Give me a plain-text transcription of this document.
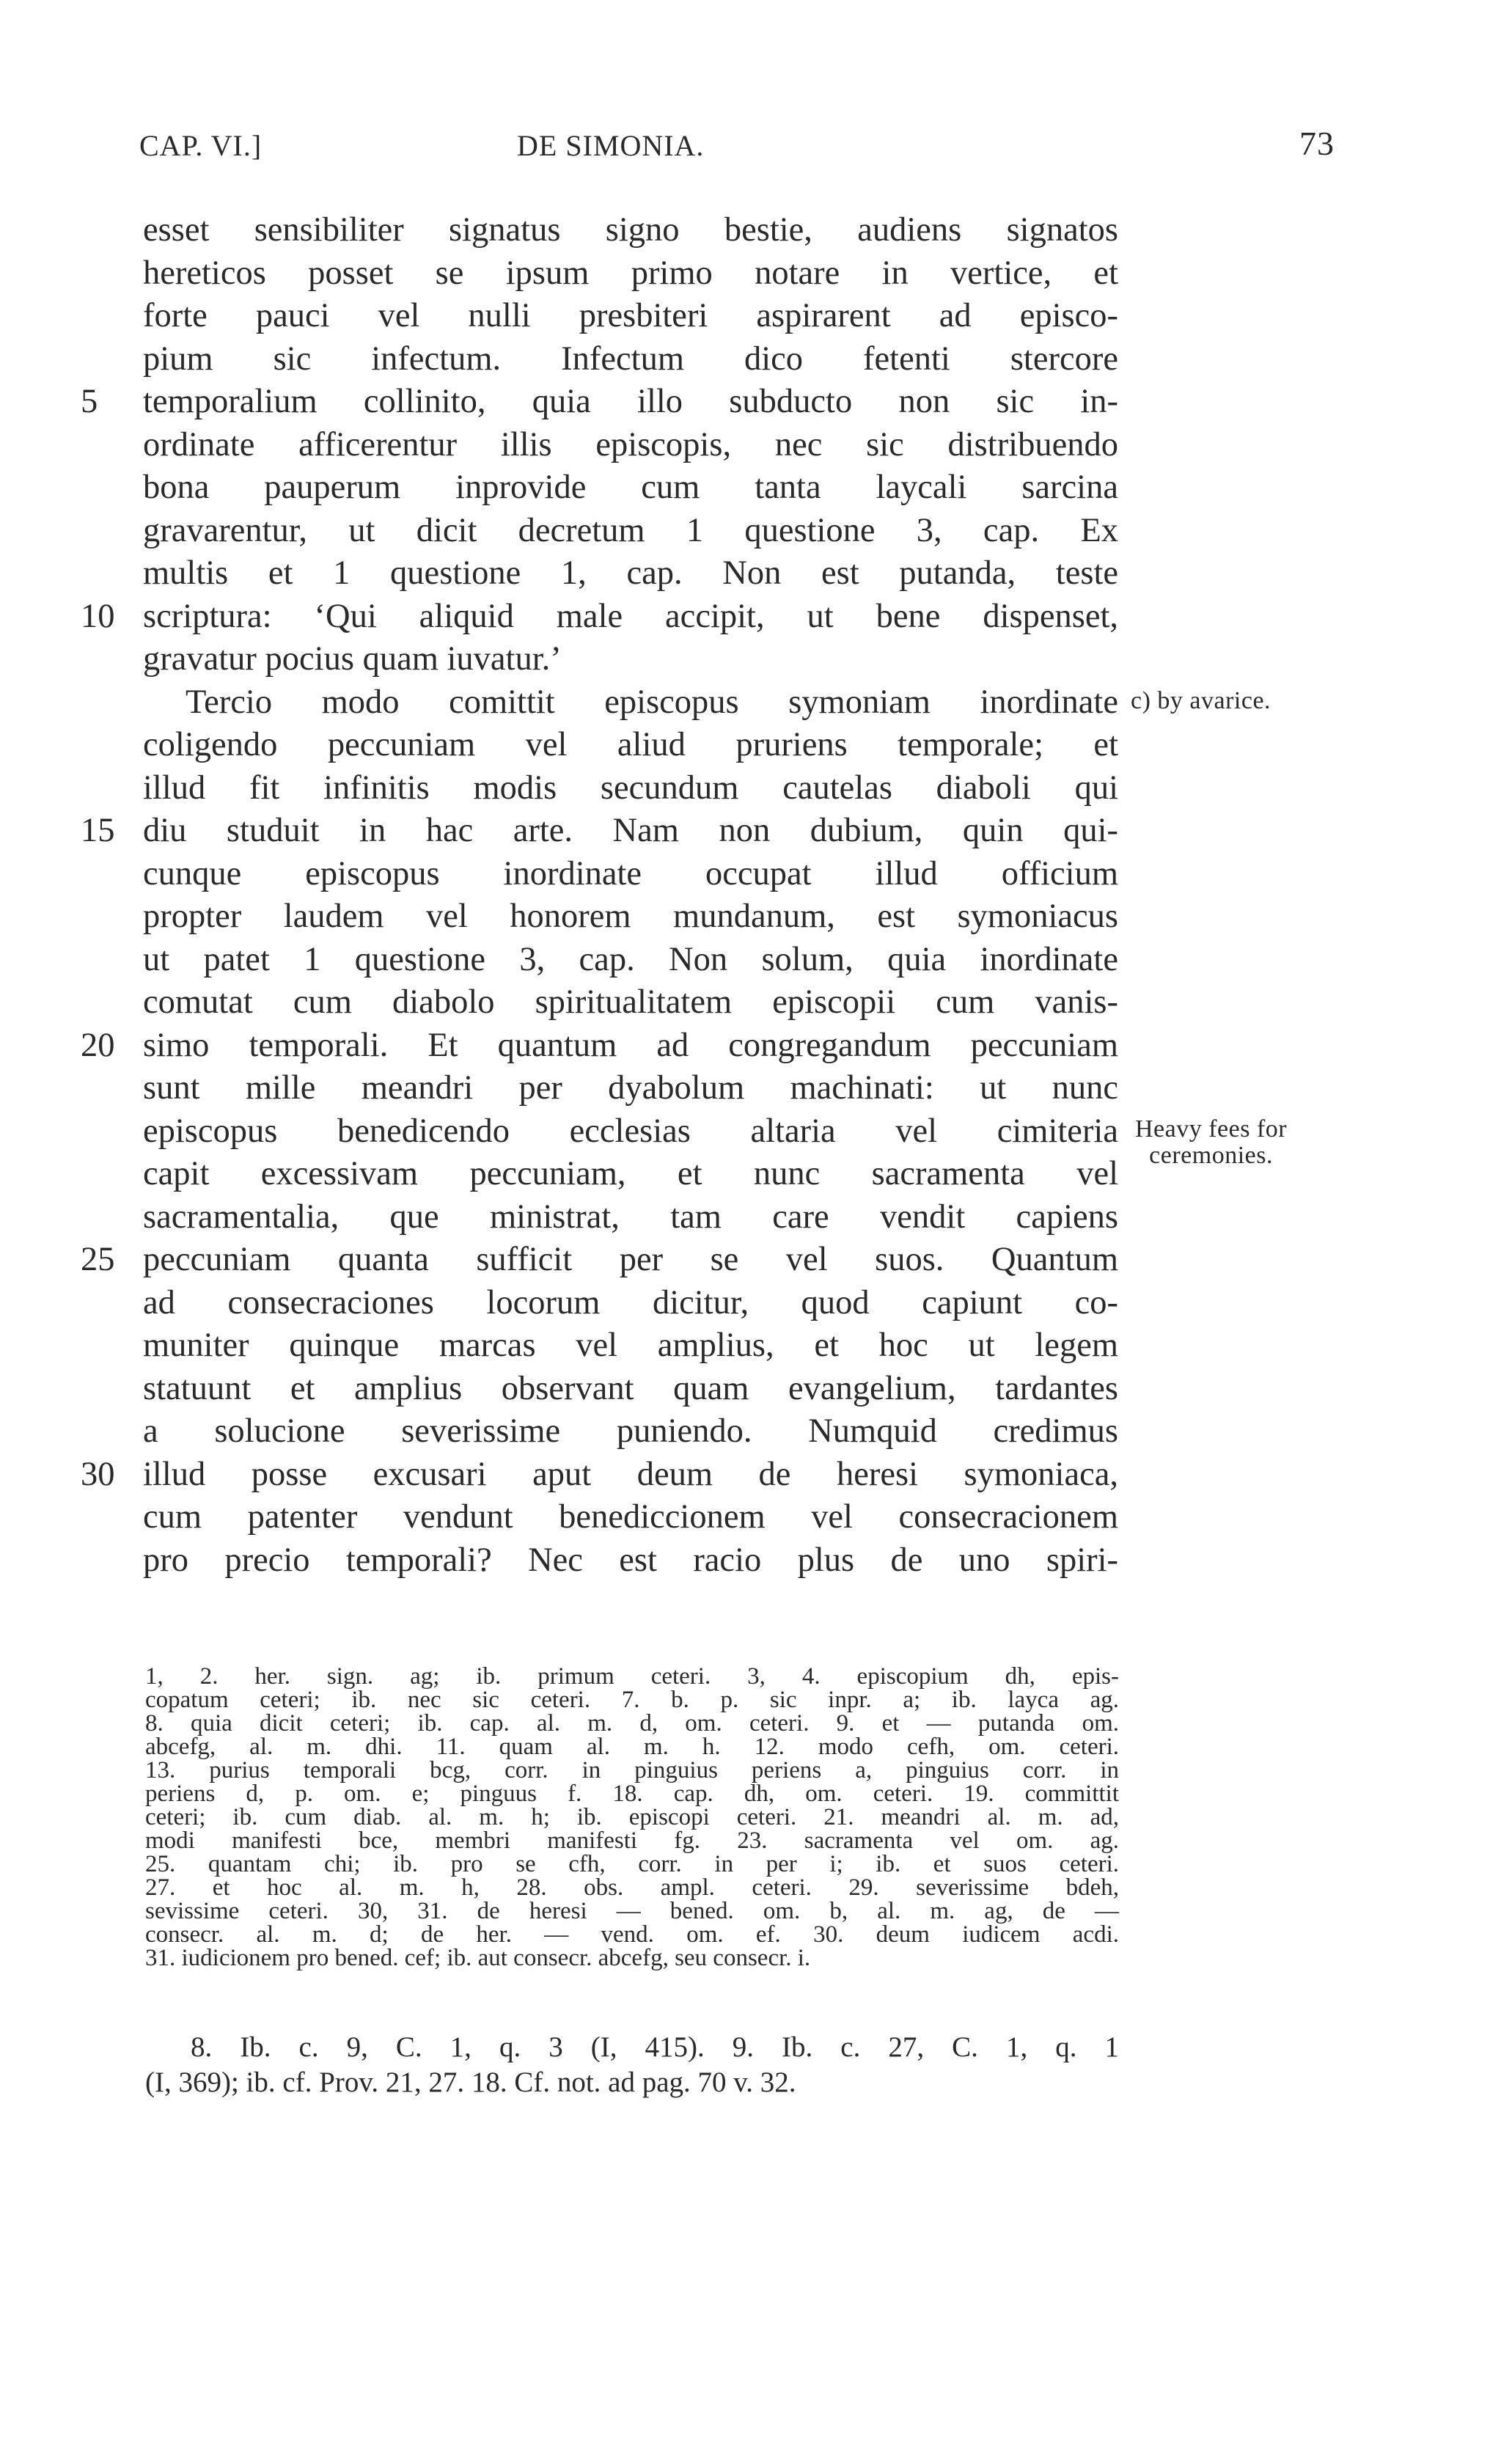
CAP. VI.]	DE SIMONIA.	73
esset sensibiliter signatus signo bestie, audiens signatos
hereticos posset se ipsum primo notare in vertice, et
forte pauci vel nulli presbiteri aspirarent ad episco-
pium sic infectum. Infectum dico fetenti stercore
5	temporalium collinito, quia illo subducto non sic in-
ordinate afficerentur illis episcopis, nec sic distribuendo
bona pauperum inprovide cum tanta laycali sarcina
gravarentur, ut dicit decretum 1 questione 3, cap. Ex
multis et 1 questione 1, cap. Non est putanda, teste
10 scriptura: ‘Qui aliquid male accipit, ut bene dispenset,
gravatur pocius quam iuvatur.’
Tercio modo comittit episcopus symoniam inordinate
coligendo peccuniam vel aliud pruriens temporale; et
illud fit infinitis modis secundum cautelas diaboli qui
15 diu studuit in hac arte. Nam non dubium, quin qui-
cunque episcopus inordinate occupat illud officium
propter laudem vel honorem mundanum, est symoniacus
ut patet 1 questione 3, cap. Non solum, quia inordinate
comutat cum diabolo spiritualitatem episcopii cum vanis-
20 simo temporali. Et quantum ad congregandum peccuniam
sunt mille meandri per dyabolum machinati: ut nunc
episcopus benedicendo ecclesias altaria vel cimiteria
capit excessivam peccuniam, et nunc sacramenta vel
sacramentalia, que ministrat, tam care vendit capiens
25 peccuniam quanta sufficit per se vel suos. Quantum
ad consecraciones locorum dicitur, quod capiunt co-
muniter quinque marcas vel amplius, et hoc ut legem
statuunt et amplius observant quam evangelium, tardantes
a solucione severissime puniendo. Numquid credimus
30 illud posse excusari aput deum de heresi symoniaca,
cum patenter vendunt benediccionem vel consecracionem
pro precio temporali? Nec est racio plus de uno spiri-
c) by avarice.
Heavy fees for
ceremonies.
1, 2. her. sign. ag; ib. primum ceteri. 3, 4. episcopium dh, epis-
copatum ceteri; ib. nec sic ceteri. 7. b. p. sic inpr. a; ib. layca ag.
8. quia dicit ceteri; ib. cap. al. m. d, om. ceteri. 9. et — putanda om.
abcefg, al. m. dhi. 11. quam al. m. h. 12. modo cefh, om. ceteri.
13. purius temporali bcg, corr. in pinguius periens a, pinguius corr. in
periens d, p. om. e; pinguus f. 18. cap. dh, om. ceteri. 19. committit
ceteri; ib. cum diab. al. m. h; ib. episcopi ceteri. 21. meandri al. m. ad,
modi manifesti bce, membri manifesti fg. 23. sacramenta vel om. ag.
25. quantam chi; ib. pro se cfh, corr. in per i; ib. et suos ceteri.
27. et hoc al. m. h, 28. obs. ampl. ceteri. 29. severissime bdeh,
sevissime ceteri. 30, 31. de heresi — bened. om. b, al. m. ag, de —
consecr. al. m. d; de her. — vend. om. ef. 30. deum iudicem acdi.
31. iudicionem pro bened. cef; ib. aut consecr. abcefg, seu consecr. i.
8. Ib. c. 9, C. 1, q. 3 (I, 415). 9. Ib. c. 27, C. 1, q. 1
(I, 369); ib. cf. Prov. 21, 27. 18. Cf. not. ad pag. 70 v. 32.
